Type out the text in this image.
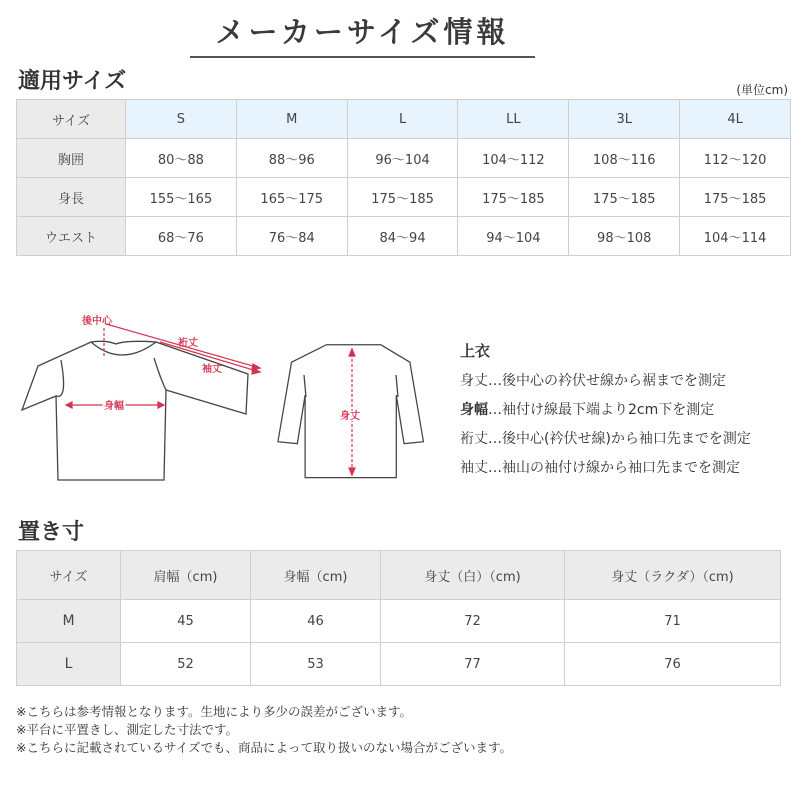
メーカーサイズ情報
適用サイズ	(単位cm)
サイズ	S	M	L	LL	3L	4L
胸囲	80〜88	88〜96	96〜104	104〜112	108〜116	112〜120
身長	155〜165	165〜175	175〜185	175〜185	175〜185	175〜185
ウエスト	68〜76	76〜84	84〜94	94〜104	98〜108	104〜114
後中心
裄丈
袖丈
身幅
身丈
上衣
身丈…後中心の衿伏せ線から裾までを測定
身幅…袖付け線最下端より2cm下を測定
裄丈…後中心(衿伏せ線)から袖口先までを測定
袖丈…袖山の袖付け線から袖口先までを測定
置き寸
サイズ	肩幅（cm)	身幅（cm)	身丈（白）（cm)	身丈（ラクダ）（cm)
M	45	46	72	71
L	52	53	77	76
※こちらは参考情報となります。生地により多少の誤差がございます。
※平台に平置きし、測定した寸法です。
※こちらに記載されているサイズでも、商品によって取り扱いのない場合がございます。
